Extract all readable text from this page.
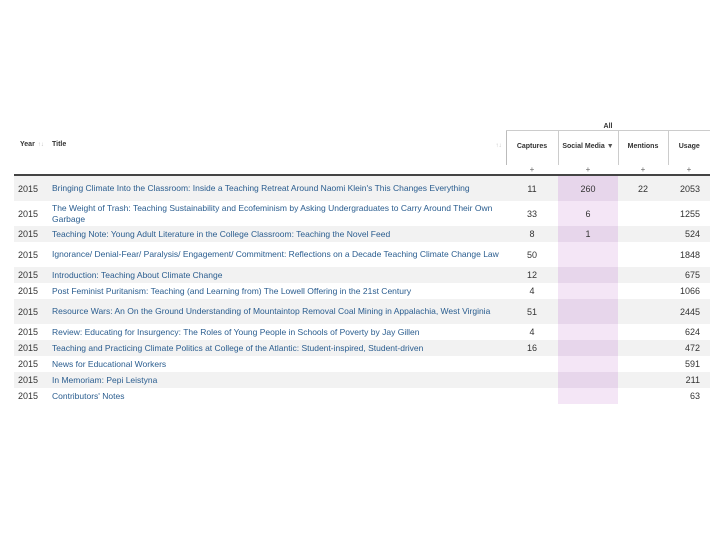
		All			
Year ↑↓	Title ↑↓	Captures	Social Media ▼	Mentions	Usage
		+	+	+	+
2015	Bringing Climate Into the Classroom: Inside a Teaching Retreat Around Naomi Klein's This Changes Everything	11	260	22	2053
2015	The Weight of Trash: Teaching Sustainability and Ecofeminism by Asking Undergraduates to Carry Around Their Own Garbage	33	6		1255
2015	Teaching Note: Young Adult Literature in the College Classroom: Teaching the Novel Feed	8	1		524
2015	Ignorance/ Denial-Fear/ Paralysis/ Engagement/ Commitment: Reflections on a Decade Teaching Climate Change Law	50			1848
2015	Introduction: Teaching About Climate Change	12			675
2015	Post Feminist Puritanism: Teaching (and Learning from) The Lowell Offering in the 21st Century	4			1066
2015	Resource Wars: An On the Ground Understanding of Mountaintop Removal Coal Mining in Appalachia, West Virginia	51			2445
2015	Review: Educating for Insurgency: The Roles of Young People in Schools of Poverty by Jay Gillen	4			624
2015	Teaching and Practicing Climate Politics at College of the Atlantic: Student-inspired, Student-driven	16			472
2015	News for Educational Workers				591
2015	In Memoriam: Pepi Leistyna				211
2015	Contributors' Notes				63
